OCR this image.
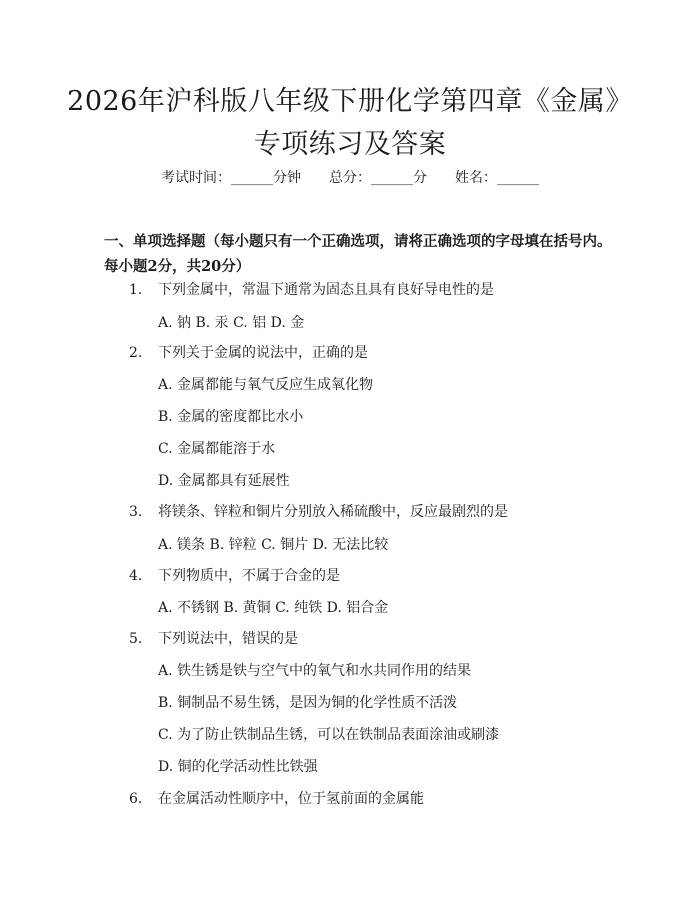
2026年沪科版八年级下册化学第四章《金属》专项练习及答案
考试时间：______分钟 总分：______分 姓名：______
一、单项选择题（每小题只有一个正确选项，请将正确选项的字母填在括号内。每小题2分，共20分）
1. 下列金属中，常温下通常为固态且具有良好导电性的是
A. 钠 B. 汞 C. 铝 D. 金
2. 下列关于金属的说法中，正确的是
A. 金属都能与氧气反应生成氧化物
B. 金属的密度都比水小
C. 金属都能溶于水
D. 金属都具有延展性
3. 将镁条、锌粒和铜片分别放入稀硫酸中，反应最剧烈的是
A. 镁条 B. 锌粒 C. 铜片 D. 无法比较
4. 下列物质中，不属于合金的是
A. 不锈钢 B. 黄铜 C. 纯铁 D. 铝合金
5. 下列说法中，错误的是
A. 铁生锈是铁与空气中的氧气和水共同作用的结果
B. 铜制品不易生锈，是因为铜的化学性质不活泼
C. 为了防止铁制品生锈，可以在铁制品表面涂油或刷漆
D. 铜的化学活动性比铁强
6. 在金属活动性顺序中，位于氢前面的金属能
